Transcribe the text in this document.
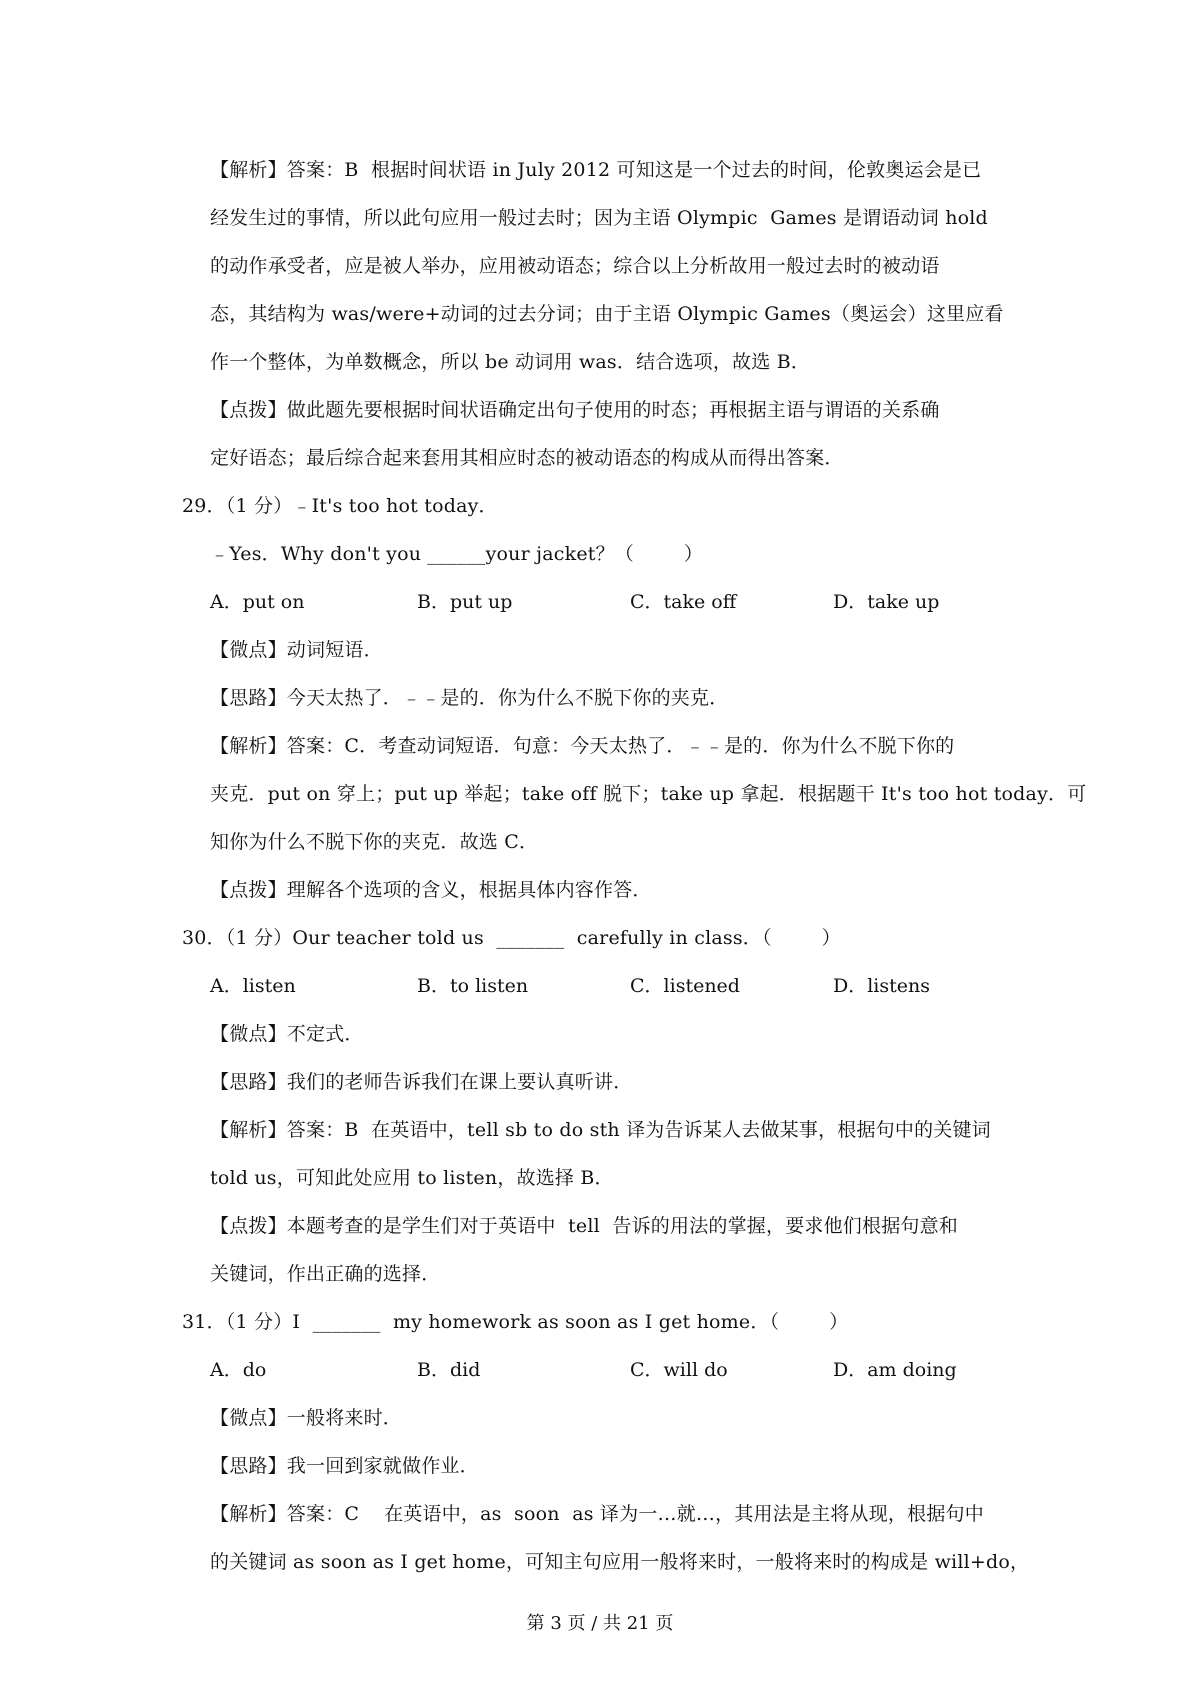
【解析】答案：B  根据时间状语 in July 2012 可知这是一个过去的时间，伦敦奥运会是已
经发生过的事情，所以此句应用一般过去时；因为主语 Olympic  Games 是谓语动词 hold
的动作承受者，应是被人举办，应用被动语态；综合以上分析故用一般过去时的被动语
态，其结构为 was/were+动词的过去分词；由于主语 Olympic Games（奥运会）这里应看
作一个整体，为单数概念，所以 be 动词用 was．结合选项，故选 B．
【点拨】做此题先要根据时间状语确定出句子使用的时态；再根据主语与谓语的关系确
定好语态；最后综合起来套用其相应时态的被动语态的构成从而得出答案．
29．（1 分）﹣It's too hot today．
﹣Yes．Why don't you ______your jacket？（        ）
A．put on	B．put up	C．take off	D．take up
【微点】动词短语．
【思路】今天太热了．﹣﹣是的．你为什么不脱下你的夹克．
【解析】答案：C．考查动词短语．句意：今天太热了．﹣﹣是的．你为什么不脱下你的
夹克．put on 穿上；put up 举起；take off 脱下；take up 拿起．根据题干 It's too hot today．可
知你为什么不脱下你的夹克．故选 C．
【点拨】理解各个选项的含义，根据具体内容作答．
30．（1 分）Our teacher told us  _______  carefully in class．（        ）
A．listen	B．to listen	C．listened	D．listens
【微点】不定式．
【思路】我们的老师告诉我们在课上要认真听讲．
【解析】答案：B  在英语中，tell sb to do sth 译为告诉某人去做某事，根据句中的关键词
told us，可知此处应用 to listen，故选择 B．
【点拨】本题考查的是学生们对于英语中  tell  告诉的用法的掌握，要求他们根据句意和
关键词，作出正确的选择．
31．（1 分）I  _______  my homework as soon as I get home．（        ）
A．do	B．did	C．will do	D．am doing
【微点】一般将来时．
【思路】我一回到家就做作业．
【解析】答案：C    在英语中，as  soon  as 译为一…就…，其用法是主将从现，根据句中
的关键词 as soon as I get home，可知主句应用一般将来时，一般将来时的构成是 will+do，
第 3 页 / 共 21 页
